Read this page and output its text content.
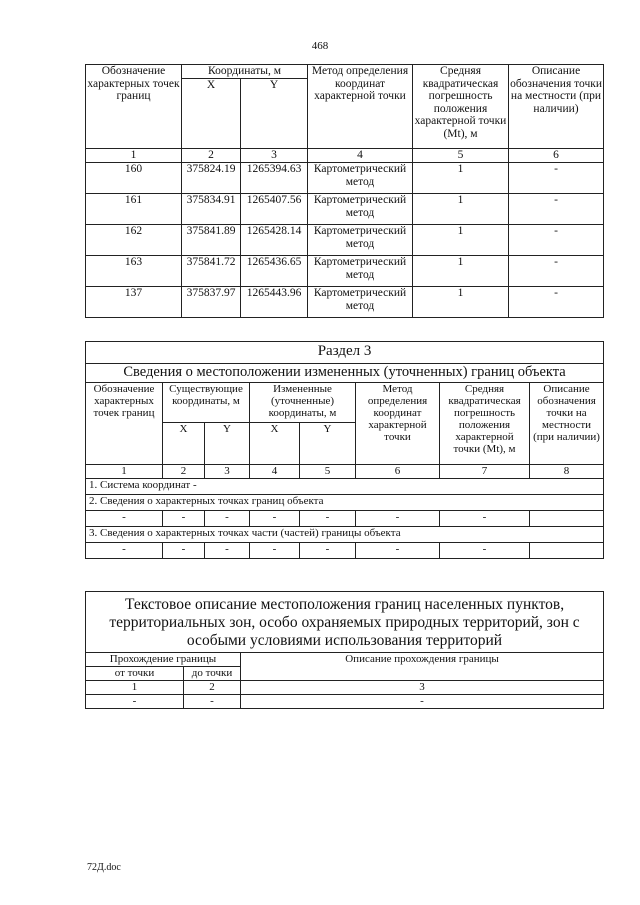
468
Обозначение характерных точек границ	Координаты, м		Метод определения координат характерной точки	Средняя квадратическая погрешность положения характерной точки (Mt), м	Описание обозначения точки на местности (при наличии)
	X	Y			
1	2	3	4	5	6
160	375824.19	1265394.63	Картометрический метод	1	-
161	375834.91	1265407.56	Картометрический метод	1	-
162	375841.89	1265428.14	Картометрический метод	1	-
163	375841.72	1265436.65	Картометрический метод	1	-
137	375837.97	1265443.96	Картометрический метод	1	-
Раздел 3							
Сведения о местоположении измененных (уточненных) границ объекта							
Обозначение характерных точек границ	Существующие координаты, м		Измененные (уточненные) координаты, м		Метод определения координат характерной точки	Средняя квадратическая погрешность положения характерной точки (Mt), м	Описание обозначения точки на местности (при наличии)
	X	Y	X	Y			
1	2	3	4	5	6	7	8
1. Система координат -							
2. Сведения о характерных точках границ объекта							
-	-	-	-	-	-	-	
3. Сведения о характерных точках части (частей) границы объекта							
-	-	-	-	-	-	-	
Текстовое описание местоположения границ населенных пунктов, территориальных зон, особо охраняемых природных территорий, зон с особыми условиями использования территорий		
Прохождение границы		Описание прохождения границы
от точки	до точки	
1	2	3
-	-	-
72Д.doc
